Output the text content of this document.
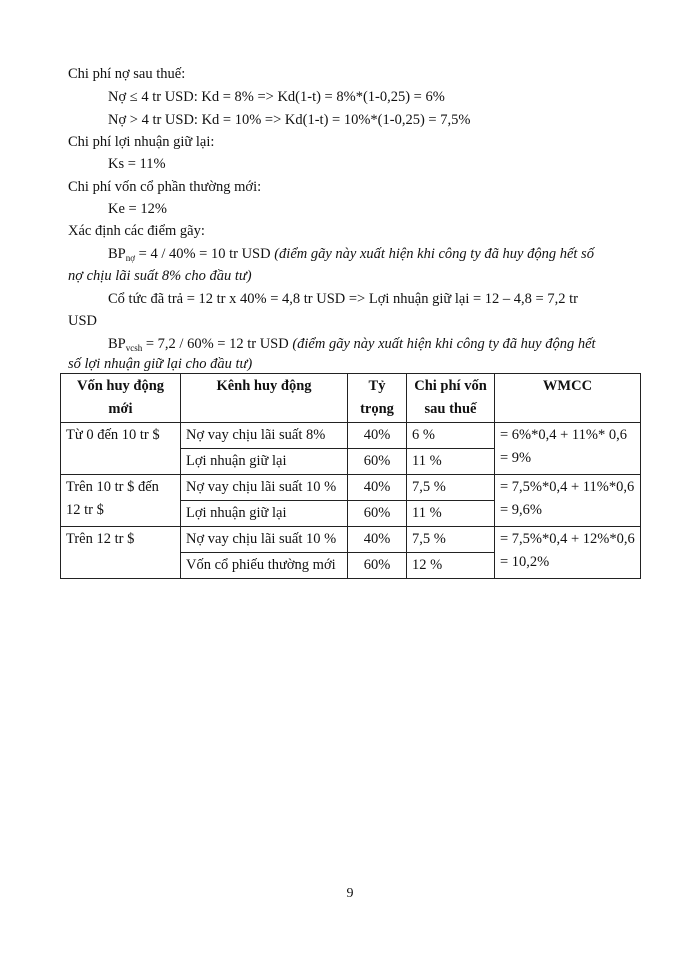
Chi phí nợ sau thuế:
Nợ ≤ 4 tr USD: Kd = 8% => Kd(1-t) = 8%*(1-0,25) = 6%
Nợ > 4 tr USD: Kd = 10% => Kd(1-t) = 10%*(1-0,25) = 7,5%
Chi phí lợi nhuận giữ lại:
Ks = 11%
Chi phí vốn cổ phần thường mới:
Ke = 12%
Xác định các điểm gãy:
$BP_{nợ} = 4 / 40\% = 10$ tr USD (điểm gãy này xuất hiện khi công ty đã huy động hết số
nợ chịu lãi suất 8% cho đầu tư)
Cổ tức đã trả = 12 tr x 40% = 4,8 tr USD => Lợi nhuận giữ lại = 12 – 4,8 = 7,2 tr
USD
$BP_{vcsh} = 7,2 / 60\% = 12$ tr USD (điểm gãy này xuất hiện khi công ty đã huy động hết
số lợi nhuận giữ lại cho đầu tư)
Vốn huy động mới	Kênh huy động	Tỷ trọng	Chi phí vốn sau thuế	WMCC
Từ 0 đến 10 tr $	Nợ vay chịu lãi suất 8%	40%	6 %	= 6%*0,4 + 11%* 0,6
= 9%

	Lợi nhuận giữ lại	60%	11 %	
Trên 10 tr $ đến 12 tr $	Nợ vay chịu lãi suất 10 %	40%	7,5 %	= 7,5%*0,4 + 11%*0,6
= 9,6%

	Lợi nhuận giữ lại	60%	11 %	
Trên 12 tr $	Nợ vay chịu lãi suất 10 %	40%	7,5 %	= 7,5%*0,4 + 12%*0,6
= 10,2%

	Vốn cổ phiếu thường mới	60%	12 %	
9
